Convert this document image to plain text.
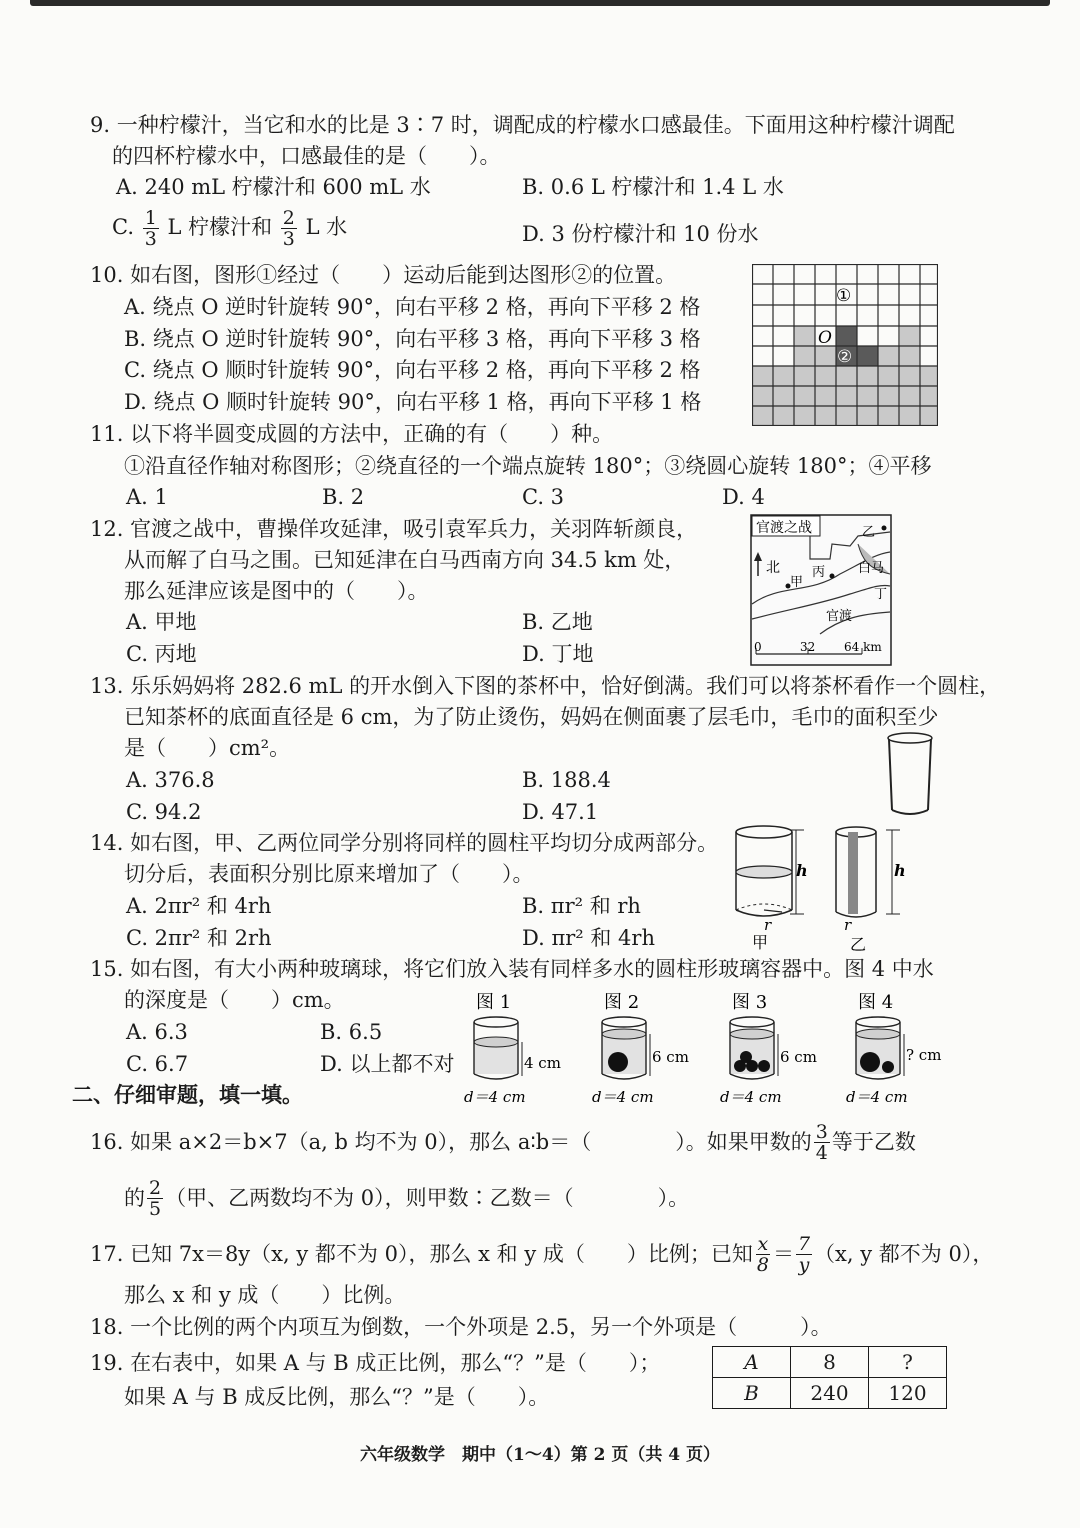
9. 一种柠檬汁，当它和水的比是 3∶7 时，调配成的柠檬水口感最佳。下面用这种柠檬汁调配
的四杯柠檬水中，口感最佳的是（　　）。
A. 240 mL 柠檬汁和 600 mL 水	B. 0.6 L 柠檬汁和 1.4 L 水
C. $\frac{1}{3}$ L 柠檬汁和 $\frac{2}{3}$ L 水	D. 3 份柠檬汁和 10 份水
10. 如右图，图形①经过（　　）运动后能到达图形②的位置。
A. 绕点 O 逆时针旋转 90°，向右平移 2 格，再向下平移 2 格
B. 绕点 O 逆时针旋转 90°，向右平移 3 格，再向下平移 3 格
C. 绕点 O 顺时针旋转 90°，向右平移 2 格，再向下平移 2 格
D. 绕点 O 顺时针旋转 90°，向右平移 1 格，再向下平移 1 格
①
O
②
11. 以下将半圆变成圆的方法中，正确的有（　　）种。
①沿直径作轴对称图形；②绕直径的一个端点旋转 180°；③绕圆心旋转 180°；④平移
A. 1	B. 2	C. 3	D. 4
12. 官渡之战中，曹操佯攻延津，吸引袁军兵力，关羽阵斩颜良，
从而解了白马之围。已知延津在白马西南方向 34.5 km 处，
那么延津应该是图中的（　　）。
A. 甲地	B. 乙地
C. 丙地	D. 丁地
官渡之战
北
甲
丙
乙
白马
丁
官渡
0	32 64 km
13. 乐乐妈妈将 282.6 mL 的开水倒入下图的茶杯中，恰好倒满。我们可以将茶杯看作一个圆柱，
已知茶杯的底面直径是 6 cm，为了防止烫伤，妈妈在侧面裹了层毛巾，毛巾的面积至少
是（　　）cm²。
A. 376.8	B. 188.4
C. 94.2	D. 47.1
14. 如右图，甲、乙两位同学分别将同样的圆柱平均切分成两部分。
切分后，表面积分别比原来增加了（　　）。
A. 2πr² 和 4rh	B. πr² 和 rh
C. 2πr² 和 2rh	D. πr² 和 4rh
h
r
甲
h
r
乙
15. 如右图，有大小两种玻璃球，将它们放入装有同样多水的圆柱形玻璃容器中。图 4 中水
的深度是（　　）cm。
A. 6.3	B. 6.5
C. 6.7	D. 以上都不对
图 1
4 cm
d＝4 cm
图 2
6 cm
d＝4 cm
图 3
6 cm
d＝4 cm
图 4
? cm
d＝4 cm
二、仔细审题，填一填。
16. 如果 a×2＝b×7（a, b 均不为 0），那么 a∶b＝（　　　　）。如果甲数的 $\frac{3}{4}$ 等于乙数
的 $\frac{2}{5}$ （甲、乙两数均不为 0），则甲数∶乙数＝（　　　　）。
17. 已知 7x＝8y（x, y 都不为 0），那么 x 和 y 成（　　）比例；已知 $\frac{x}{8} = \frac{7}{y} (x$, y 都不为 0），
那么 x 和 y 成（　　）比例。
18. 一个比例的两个内项互为倒数，一个外项是 2.5，另一个外项是（　　　）。
19. 在右表中，如果 A 与 B 成正比例，那么“？”是（　　）；
如果 A 与 B 成反比例，那么“？”是（　　）。
A	8	?
B	240	120
六年级数学　期中（1～4）第 2 页（共 4 页）
